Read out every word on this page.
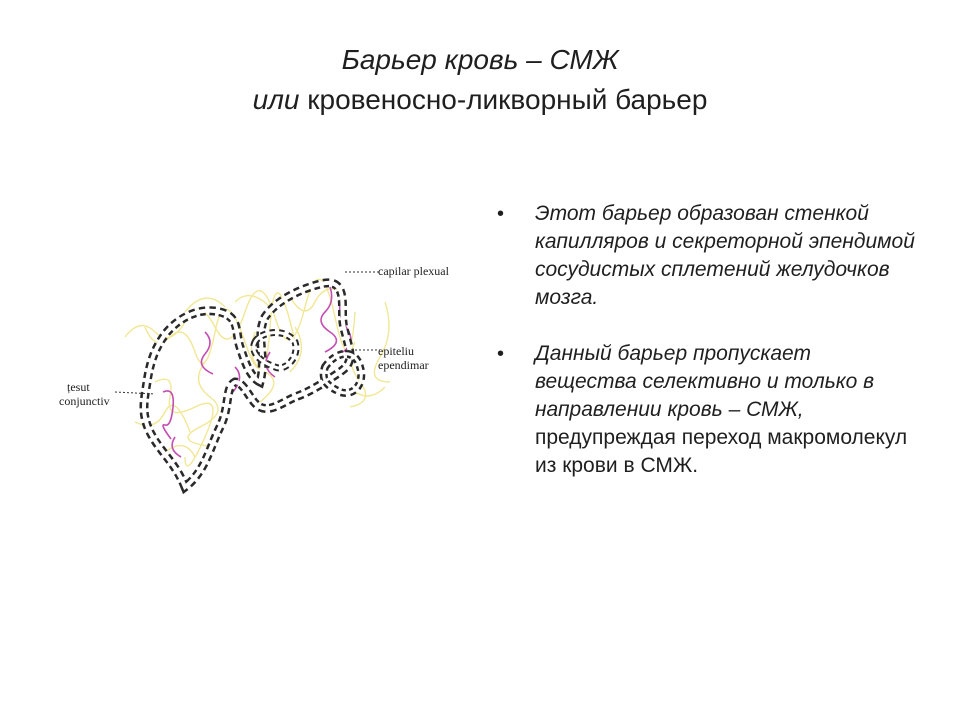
Барьер кровь – СМЖ
или кровеносно-ликворный барьер
capilar plexual
epiteliu
ependimar
țesut
conjunctiv
• Этот барьер образован стенкой капилляров и секреторной эпендимой сосудистых сплетений желудочков мозга.
• Данный барьер пропускает вещества селективно и только в направлении кровь – СМЖ, предупреждая переход макромолекул из крови в СМЖ.
